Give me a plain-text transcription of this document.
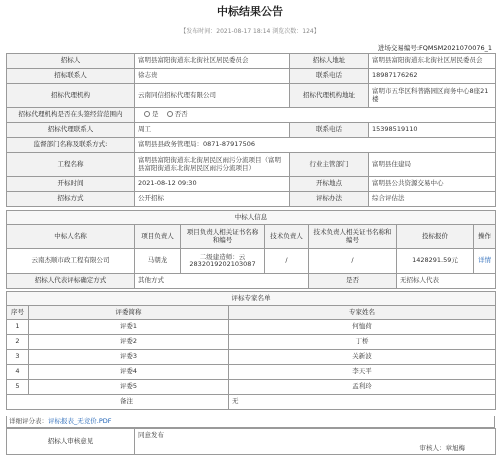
中标结果公告
【发布时间：2021-08-17 18:14 浏览次数：124】
进场交易编号:FQMSM2021070076_1
招标人	富明县富阳街道东北街社区居民委员会	招标人地址	富明县富阳街道东北街社区居民委员会
招标联系人	徐志贵	联系电话	18987176262
招标代理机构	云南同信招标代理有限公司	招标代理机构地址	富明市五华区科普路园区商务中心8座21楼
招标代理机构是否在头签经营范围内	是 否否		
招标代理联系人	周工	联系电话	15398519110
监督部门名称及联系方式:	富明县县政务管理局：0871-87917506		
工程名称	富明县富阳街道东北街居民区雨污分流项目（富明县富阳街道东北街居民区雨污分流项目）	行业主管部门	富明县住建局
开标时间	2021-08-12 09:30	开标地点	富明县公共资源交易中心
招标方式	公开招标	评标办法	综合评估法
中标人信息						
中标人名称	项目负责人	项目负责人相关证书名称和编号	技术负责人	技术负责人相关证书名称和编号	投标报价	操作
云南杰顺市政工程有限公司	马朝龙	二级建造师：云2832019202103087	/	/	1428291.59元	详情
招标人代表评标确定方式	其他方式			是否	无招标人代表	
评标专家名单		
序号	评委简称	专家姓名
1	评委1	何恤荷
2	评委2	丁桥
3	评委3	关新波
4	评委4	李天平
5	评委5	孟利玲
备注		无
详细评分表：评标报表_无竞价.PDF
招标人审核意见	
同意发布
审核人：章旭梅
